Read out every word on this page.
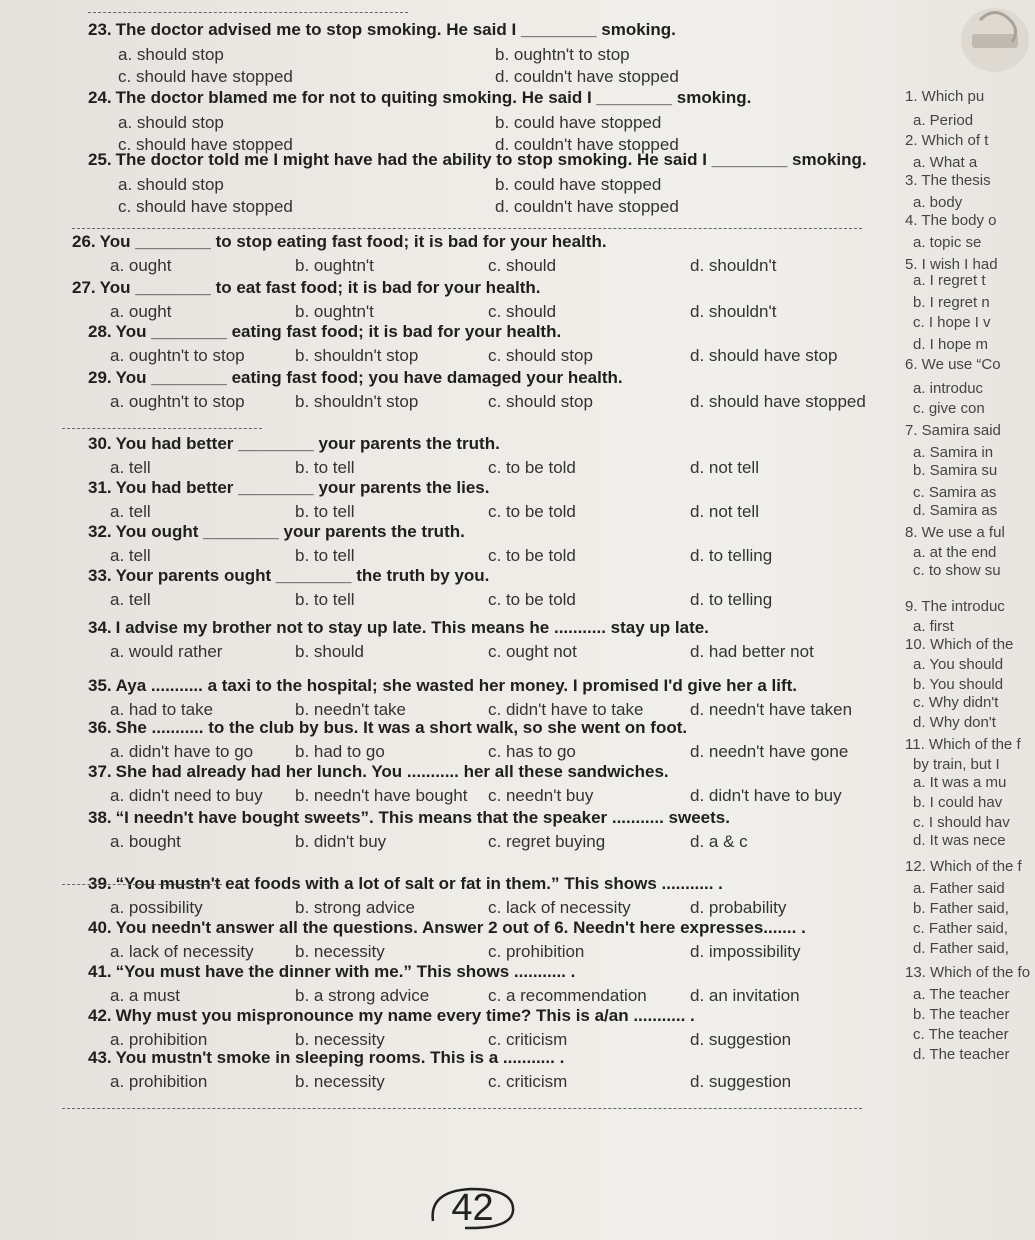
23. The doctor advised me to stop smoking. He said I ________ smoking.
a. should stop	b. oughtn't to stop
c. should have stopped	d. couldn't have stopped
24. The doctor blamed me for not to quiting smoking. He said I ________ smoking.
a. should stop	b. could have stopped
c. should have stopped	d. couldn't have stopped
25. The doctor told me I might have had the ability to stop smoking. He said I ________ smoking.
a. should stop	b. could have stopped
c. should have stopped	d. couldn't have stopped
26. You ________ to stop eating fast food; it is bad for your health.
a. ought	b. oughtn't	c. should	d. shouldn't
27. You ________ to eat fast food; it is bad for your health.
a. ought	b. oughtn't	c. should	d. shouldn't
28. You ________ eating fast food; it is bad for your health.
a. oughtn't to stop	b. shouldn't stop	c. should stop	d. should have stop
29. You ________ eating fast food; you have damaged your health.
a. oughtn't to stop	b. shouldn't stop	c. should stop	d. should have stopped
30. You had better ________ your parents the truth.
a. tell	b. to tell	c. to be told	d. not tell
31. You had better ________ your parents the lies.
a. tell	b. to tell	c. to be told	d. not tell
32. You ought ________ your parents the truth.
a. tell	b. to tell	c. to be told	d. to telling
33. Your parents ought ________ the truth by you.
a. tell	b. to tell	c. to be told	d. to telling
34. I advise my brother not to stay up late. This means he ........... stay up late.
a. would rather	b. should	c. ought not	d. had better not
35. Aya ........... a taxi to the hospital; she wasted her money. I promised I'd give her a lift.
a. had to take	b. needn't take	c. didn't have to take	d. needn't have taken
36. She ........... to the club by bus. It was a short walk, so she went on foot.
a. didn't have to go b. had to go	c. has to go	d. needn't have gone
37. She had already had her lunch. You ........... her all these sandwiches.
a. didn't need to buy b. needn't have bought c. needn't buy	d. didn't have to buy
38. “I needn't have bought sweets”. This means that the speaker ........... sweets.
a. bought	b. didn't buy	c. regret buying	d. a & c
39. “You mustn't eat foods with a lot of salt or fat in them.” This shows ........... .
a. possibility	b. strong advice	c. lack of necessity	d. probability
40. You needn't answer all the questions. Answer 2 out of 6. Needn't here expresses....... .
a. lack of necessity b. necessity	c. prohibition	d. impossibility
41. “You must have the dinner with me.” This shows ........... .
a. a must	b. a strong advice	c. a recommendation	d. an invitation
42. Why must you mispronounce my name every time? This is a/an ........... .
a. prohibition	b. necessity	c. criticism	d. suggestion
43. You mustn't smoke in sleeping rooms. This is a ........... .
a. prohibition	b. necessity	c. criticism	d. suggestion
1. Which pu
a. Period
2. Which of t
a. What a
3. The thesis
a. body
4. The body o
a. topic se
5. I wish I had
a. I regret t
b. I regret n
c. I hope I v
d. I hope m
6. We use “Co
a. introduc
c. give con
7. Samira said
a. Samira in
b. Samira su
c. Samira as
d. Samira as
8. We use a ful
a. at the end
c. to show su
9. The introduc
a. first
10. Which of the
a. You should
b. You should
c. Why didn't
d. Why don't
11. Which of the f
by train, but I
a. It was a mu
b. I could hav
c. I should hav
d. It was nece
12. Which of the f
a. Father said
b. Father said,
c. Father said,
d. Father said,
13. Which of the fo
a. The teacher
b. The teacher
c. The teacher
d. The teacher
42
